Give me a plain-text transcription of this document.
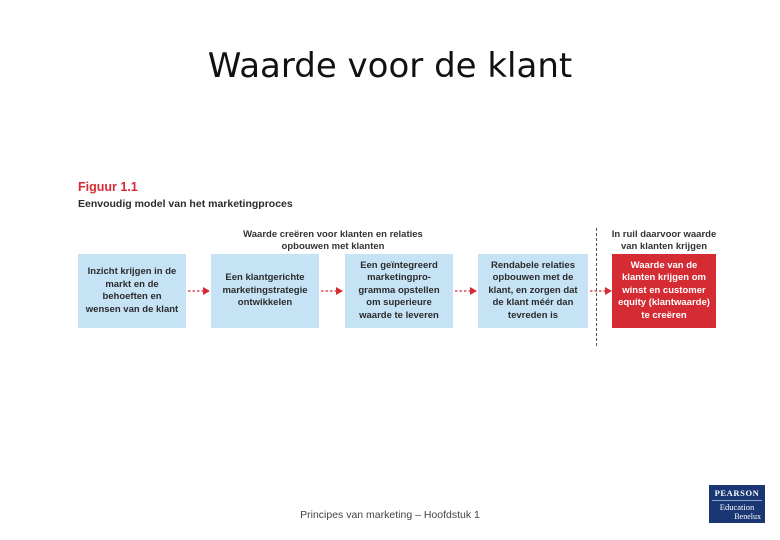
Waarde voor de klant
Figuur 1.1
Eenvoudig model van het marketingproces
Waarde creëren voor klanten en relaties
opbouwen met klanten
In ruil daarvoor waarde
van klanten krijgen
Inzicht krijgen in de
markt en de
behoeften en
wensen van de klant
Een klantgerichte
marketingstrategie
ontwikkelen
Een geïntegreerd
marketingpro-
gramma opstellen
om superieure
waarde te leveren
Rendabele relaties
opbouwen met de
klant, en zorgen dat
de klant méér dan
tevreden is
Waarde van de
klanten krijgen om
winst en customer
equity (klantwaarde)
te creëren
Principes van marketing – Hoofdstuk 1
PEARSON
Education
Benelux
